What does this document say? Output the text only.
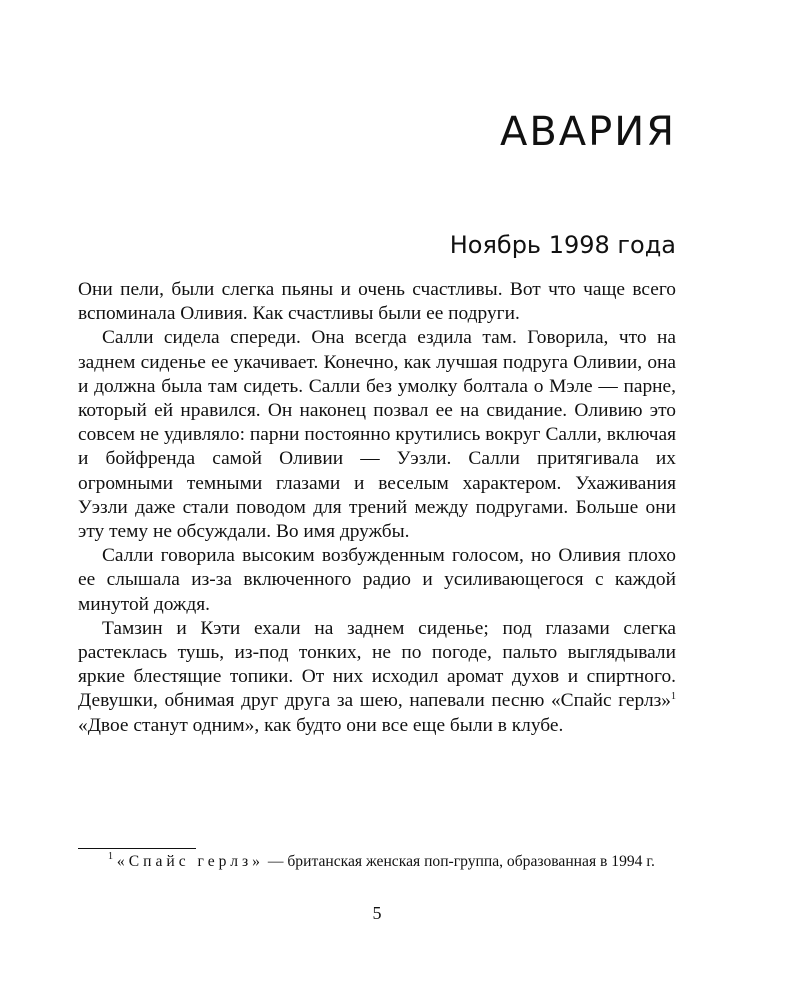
АВАРИЯ
Ноябрь 1998 года

Они пели, были слегка пьяны и очень счастливы. Вот что чаще всего вспоминала Оливия. Как счастливы были ее подруги.

Салли сидела спереди. Она всегда ездила там. Говорила, что на заднем сиденье ее укачивает. Конечно, как лучшая подруга Оливии, она и должна была там сидеть. Салли без умолку болтала о Мэле — парне, который ей нравился. Он наконец позвал ее на свидание. Оливию это совсем не удивляло: парни постоянно крутились вокруг Салли, включая и бойфренда самой Оливии — Уэзли. Салли притягивала их огромными темными глазами и веселым характером. Ухаживания Уэзли даже стали поводом для трений между подругами. Больше они эту тему не обсуждали. Во имя дружбы.

Салли говорила высоким возбужденным голосом, но Оливия плохо ее слышала из-за включенного радио и усиливающегося с каждой минутой дождя.

Тамзин и Кэти ехали на заднем сиденье; под глазами слегка растеклась тушь, из-под тонких, не по погоде, пальто выглядывали яркие блестящие топики. От них исходил аромат духов и спиртного. Девушки, обнимая друг друга за шею, напевали песню «Спайс герлз»$^1$ «Двое станут одним», как будто они все еще были в клубе.

$^1$ «Спайс герлз» — британская женская поп-группа, образованная в 1994 г.

5
